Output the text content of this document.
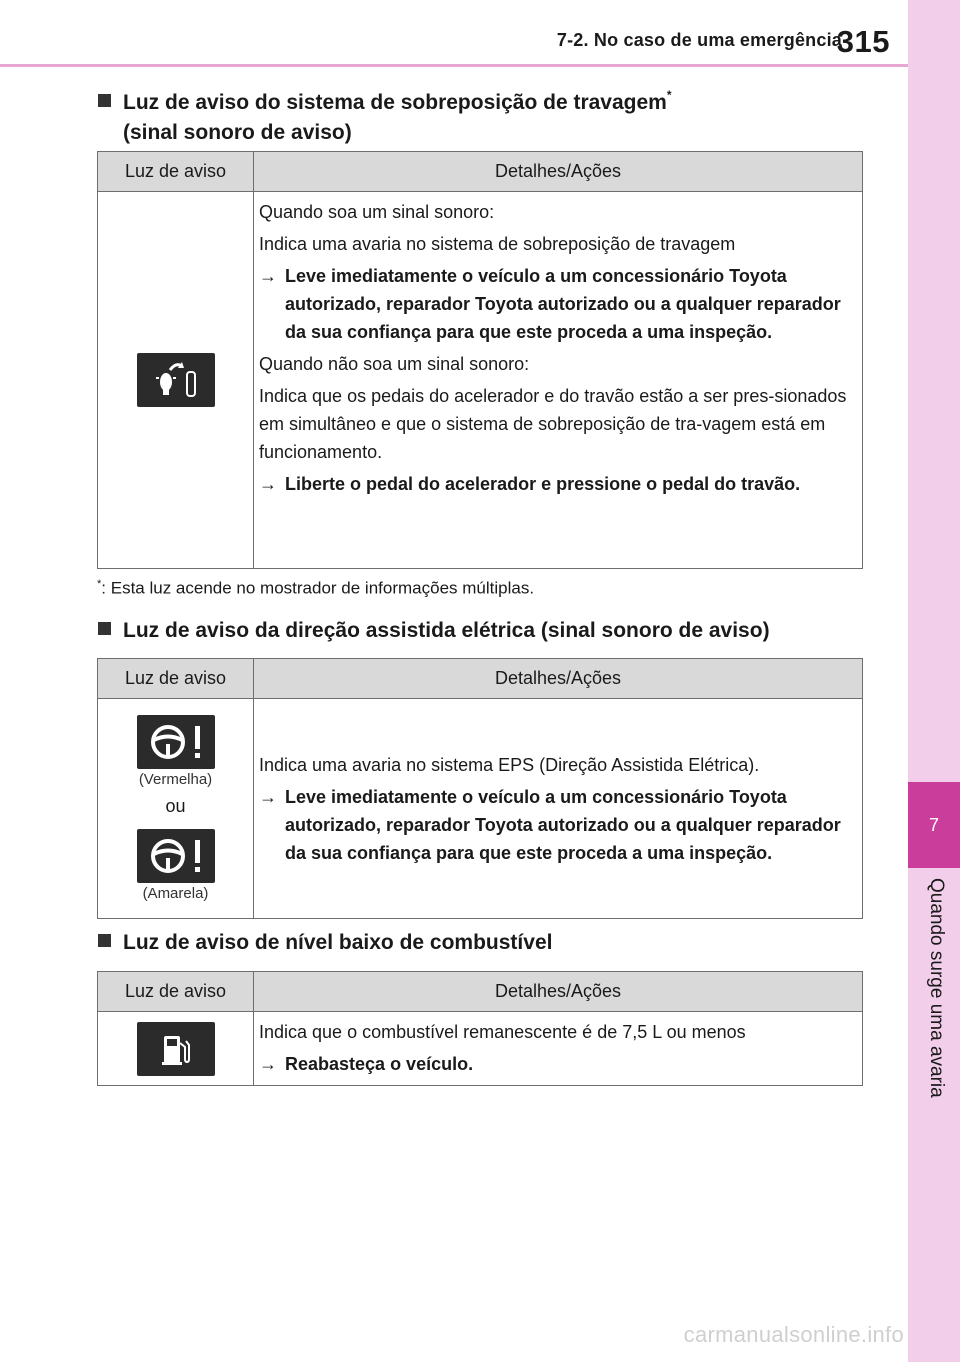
7-2. No caso de uma emergência
315
7
Quando surge uma avaria
Luz de aviso do sistema de sobreposição de travagem*
(sinal sonoro de aviso)
Luz de aviso	Detalhes/Ações

Quando soa um sinal sonoro:

Indica uma avaria no sistema de sobreposição de travagem

→ Leve imediatamente o veículo a um concessionário Toyota autorizado, reparador Toyota autorizado ou a qualquer reparador da sua confiança para que este proceda a uma inspeção.

Quando não soa um sinal sonoro:

Indica que os pedais do acelerador e do travão estão a ser pres-sionados em simultâneo e que o sistema de sobreposição de tra-vagem está em funcionamento.

→ Liberte o pedal do acelerador e pressione o pedal do travão.
*: Esta luz acende no mostrador de informações múltiplas.
Luz de aviso da direção assistida elétrica (sinal sonoro de aviso)
Luz de aviso	Detalhes/Ações
(Vermelha)
ou
(Amarela)

Indica uma avaria no sistema EPS (Direção Assistida Elétrica).

→ Leve imediatamente o veículo a um concessionário Toyota autorizado, reparador Toyota autorizado ou a qualquer reparador da sua confiança para que este proceda a uma inspeção.
Luz de aviso de nível baixo de combustível
Luz de aviso	Detalhes/Ações

Indica que o combustível remanescente é de 7,5 L ou menos

→ Reabasteça o veículo.
carmanualsonline.info
